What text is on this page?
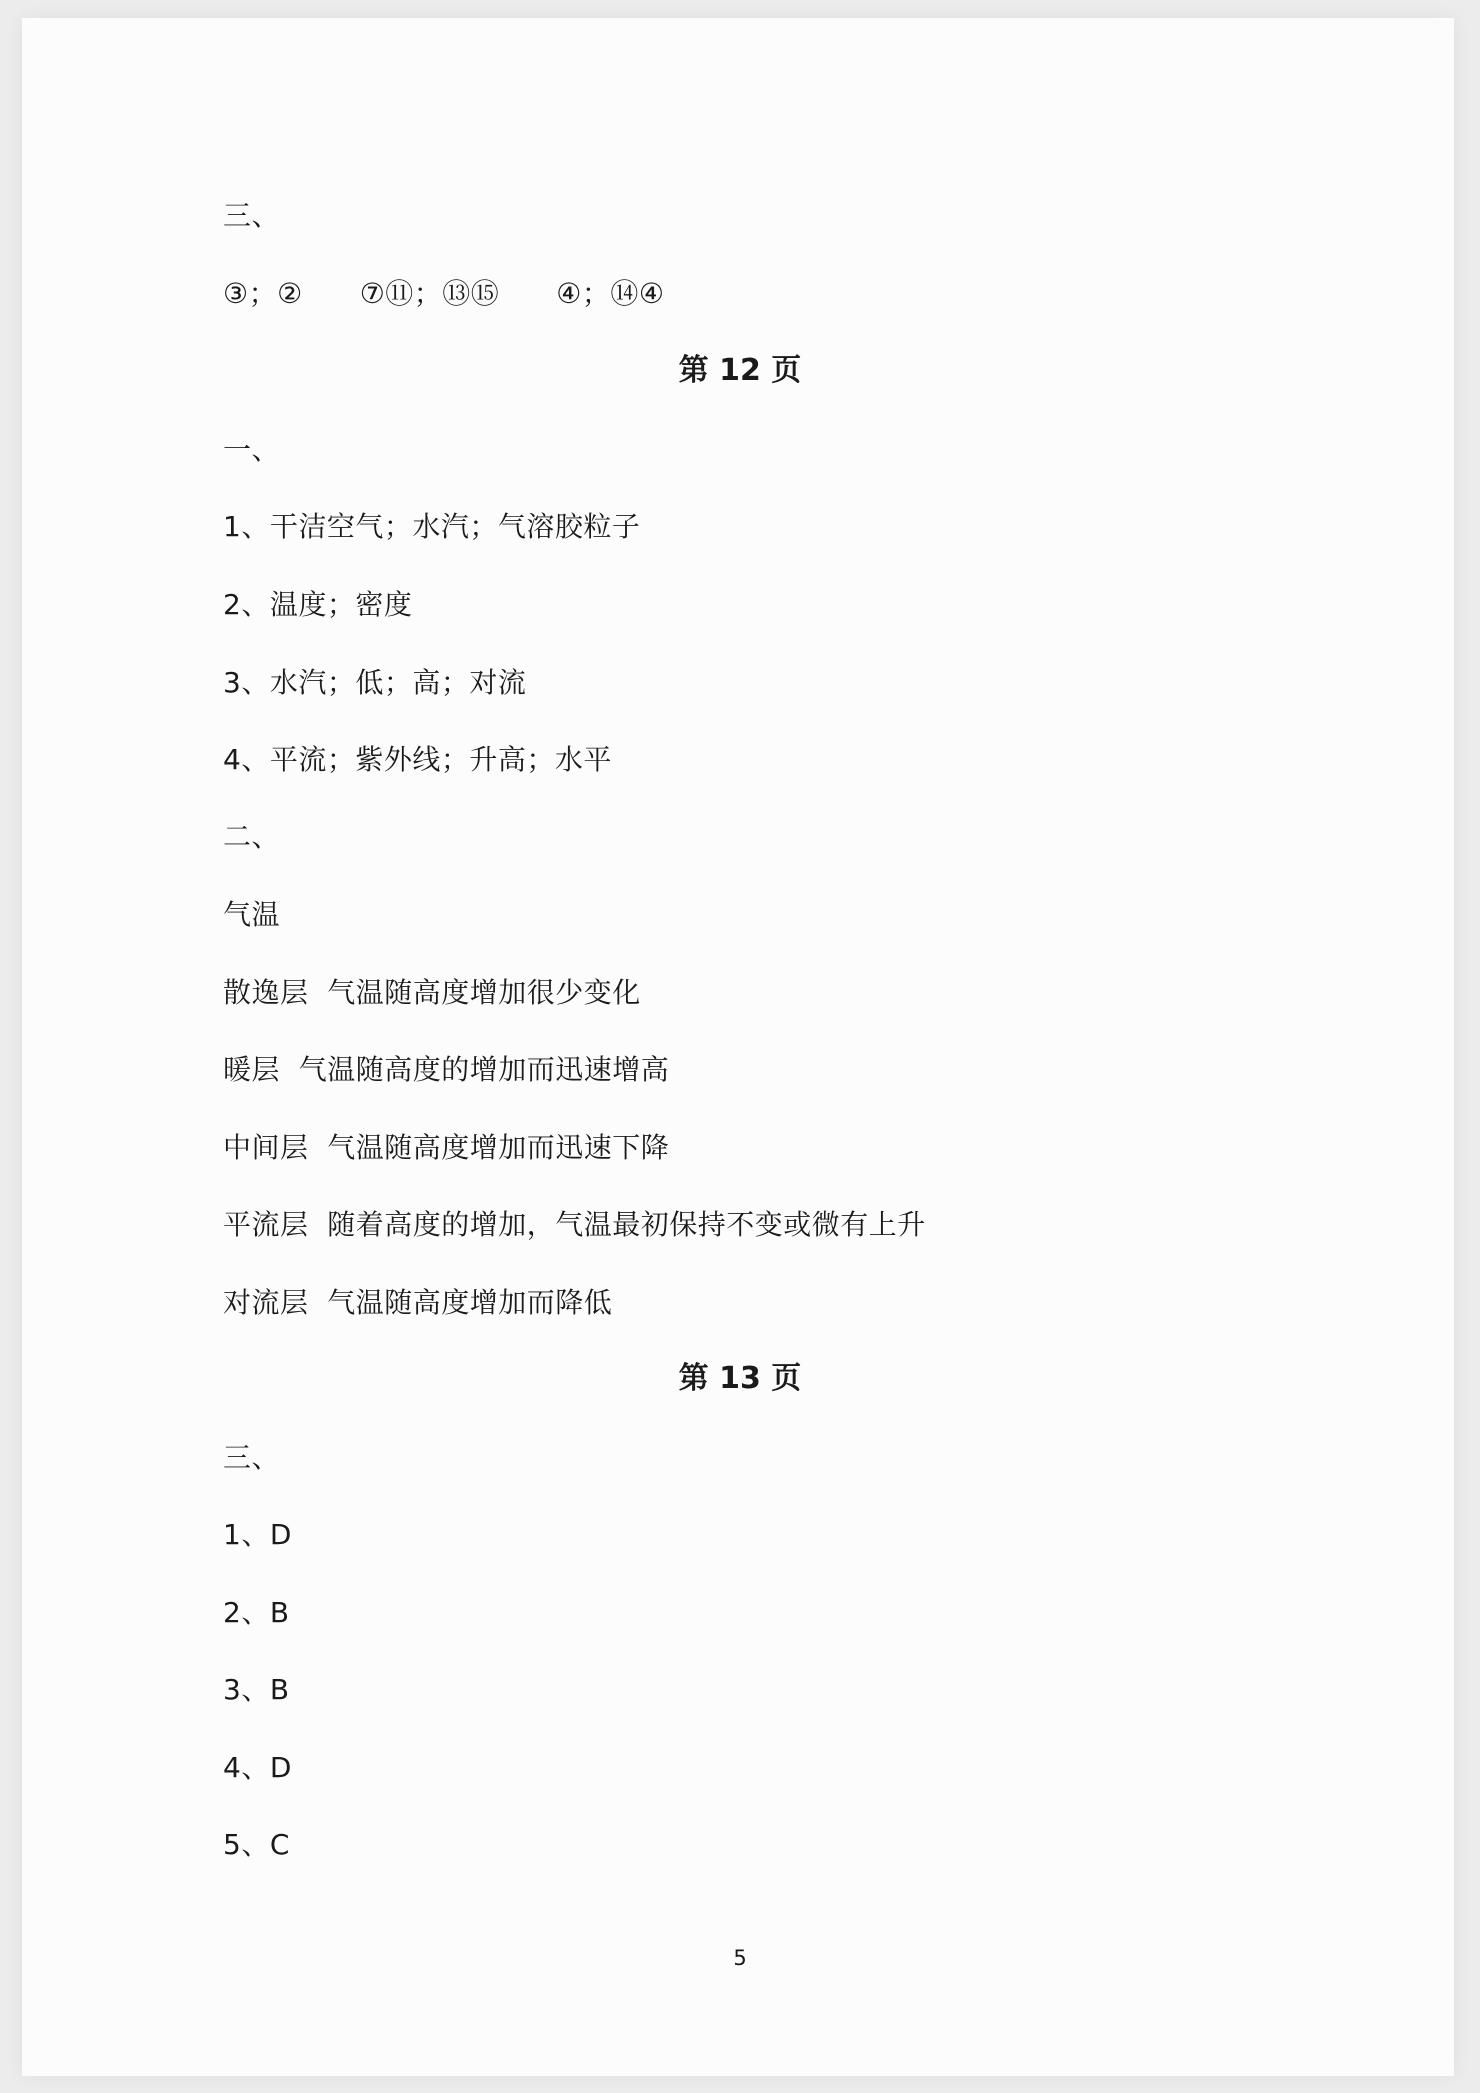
三、
③；②　　⑦⑪；⑬⑮　　④；⑭④
第 12 页
一、
1、干洁空气；水汽；气溶胶粒子
2、温度；密度
3、水汽；低；高；对流
4、平流；紫外线；升高；水平
二、
气温
散逸层  气温随高度增加很少变化
暖层  气温随高度的增加而迅速增高
中间层  气温随高度增加而迅速下降
平流层  随着高度的增加，气温最初保持不变或微有上升
对流层  气温随高度增加而降低
第 13 页
三、
1、D
2、B
3、B
4、D
5、C
5
